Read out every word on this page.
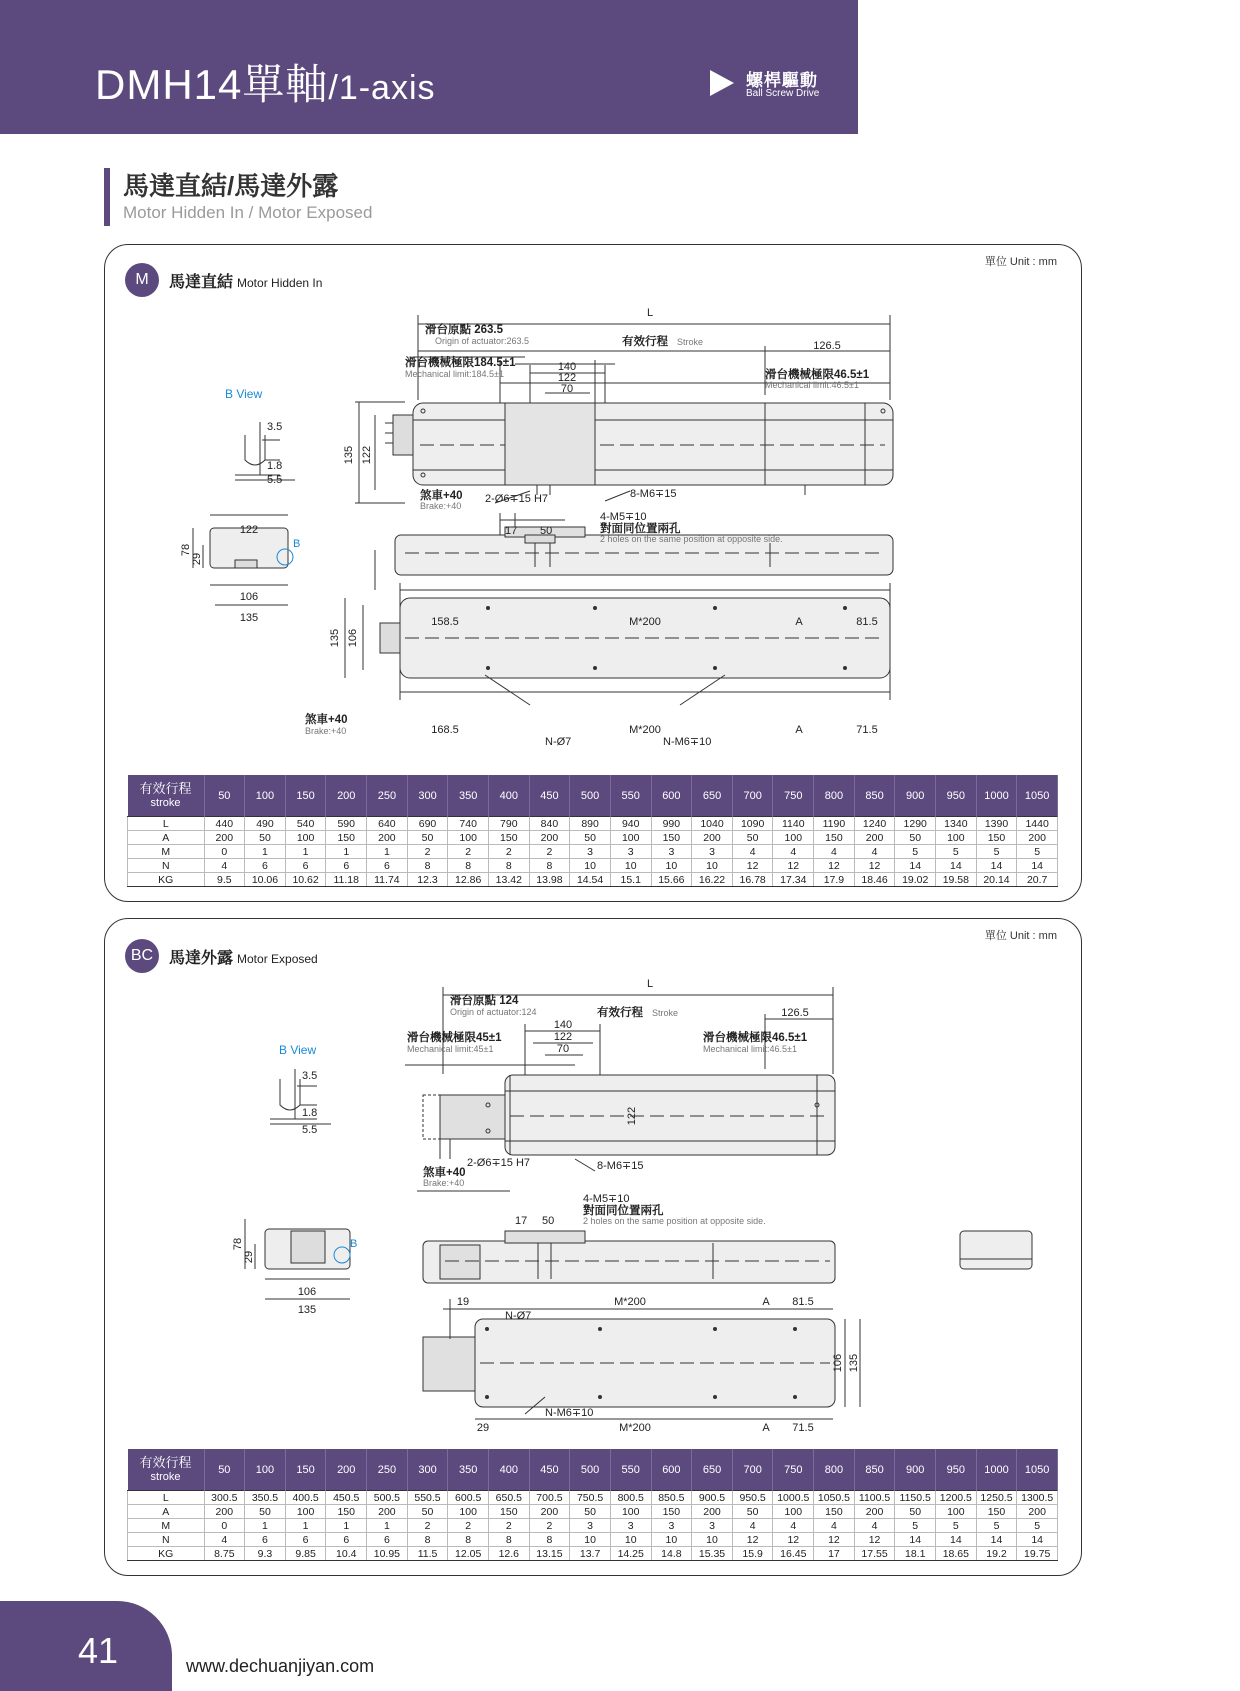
DMH14單軸/1-axis	螺桿驅動
Ball Screw Drive
馬達直結/馬達外露
Motor Hidden In / Motor Exposed
單位 Unit : mm
M	馬達直結 Motor Hidden In
L
滑台原點 263.5
Origin of actuator:263.5	有效行程 Stroke	126.5
滑台機械極限184.5±1
Mechanical limit:184.5±1	滑台機械極限46.5±1
Mechanical limit:46.5±1
140
122
70
135 122
煞車+40
Brake:+40
2-Ø6∓15 H7	8-M6∓15
B View
3.5
1.8
5.5
4-M5∓10
對面同位置兩孔
2 holes on the same position at opposite side.
17 50
122
78
29
106
135
B
158.5	M*200	A	81.5
168.5	M*200	A	71.5
N-Ø7	N-M6∓10
135 106
煞車+40
Brake:+40
有效行程
stroke	50	100	150	200	250	300	350	400	450	500	550	600	650	700	750	800	850	900	950	1000	1050
L	440	490	540	590	640	690	740	790	840	890	940	990	1040	1090	1140	1190	1240	1290	1340	1390	1440
A	200	50	100	150	200	50	100	150	200	50	100	150	200	50	100	150	200	50	100	150	200
M	0	1	1	1	1	2	2	2	2	3	3	3	3	4	4	4	4	5	5	5	5
N	4	6	6	6	6	8	8	8	8	10	10	10	10	12	12	12	12	14	14	14	14
KG	9.5	10.06	10.62	11.18	11.74	12.3	12.86	13.42	13.98	14.54	15.1	15.66	16.22	16.78	17.34	17.9	18.46	19.02	19.58	20.14	20.7
單位 Unit : mm
BC 馬達外露 Motor Exposed
L
滑台原點 124
Origin of actuator:124	有效行程 Stroke	126.5
滑台機械極限45±1
Mechanical limit:45±1
滑台機械極限46.5±1
Mechanical limit:46.5±1
140
122
70
122
煞車+40
Brake:+40
2-Ø6∓15 H7	8-M6∓15
B View
3.5
1.8
5.5
4-M5∓10
對面同位置兩孔
2 holes on the same position at opposite side.
17 50
78
29
106
135
B
19
N-Ø7
M*200	A 81.5
N-M6∓10
29	M*200	A 71.5
106 135
有效行程
stroke	50	100	150	200	250	300	350	400	450	500	550	600	650	700	750	800	850	900	950	1000	1050
L	300.5	350.5	400.5	450.5	500.5	550.5	600.5	650.5	700.5	750.5	800.5	850.5	900.5	950.5	1000.5	1050.5	1100.5	1150.5	1200.5	1250.5	1300.5
A	200	50	100	150	200	50	100	150	200	50	100	150	200	50	100	150	200	50	100	150	200
M	0	1	1	1	1	2	2	2	2	3	3	3	3	4	4	4	4	5	5	5	5
N	4	6	6	6	6	8	8	8	8	10	10	10	10	12	12	12	12	14	14	14	14
KG	8.75	9.3	9.85	10.4	10.95	11.5	12.05	12.6	13.15	13.7	14.25	14.8	15.35	15.9	16.45	17	17.55	18.1	18.65	19.2	19.75
41	www.dechuanjiyan.com
